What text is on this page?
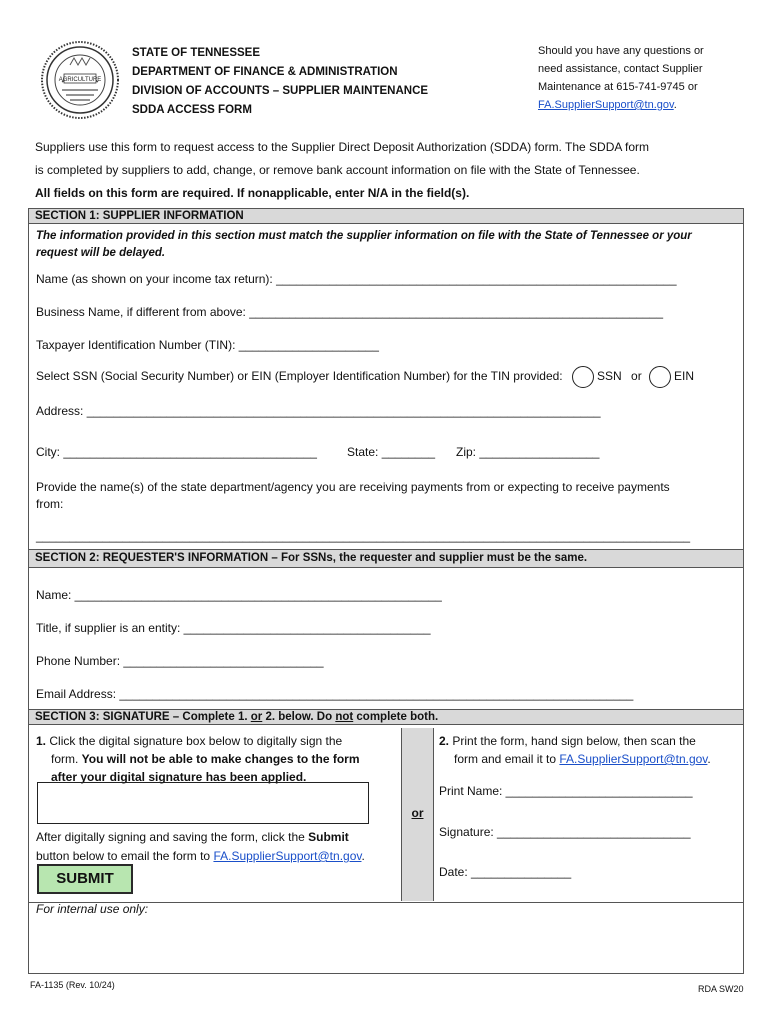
AGRICULTURE
STATE OF TENNESSEE
DEPARTMENT OF FINANCE & ADMINISTRATION
DIVISION OF ACCOUNTS – SUPPLIER MAINTENANCE
SDDA ACCESS FORM
Should you have any questions or
need assistance, contact Supplier
Maintenance at 615-741-9745 or
FA.SupplierSupport@tn.gov.
Suppliers use this form to request access to the Supplier Direct Deposit Authorization (SDDA) form. The SDDA form
is completed by suppliers to add, change, or remove bank account information on file with the State of Tennessee.
All fields on this form are required. If nonapplicable, enter N/A in the field(s).
SECTION 1: SUPPLIER INFORMATION
The information provided in this section must match the supplier information on file with the State of Tennessee or your
request will be delayed.
Name (as shown on your income tax return): ____________________________________________________________
Business Name, if different from above: ______________________________________________________________
Taxpayer Identification Number (TIN): _____________________
Select SSN (Social Security Number) or EIN (Employer Identification Number) for the TIN provided:	SSN or	EIN
Address: _____________________________________________________________________________
City: ______________________________________	State: ________ Zip: __________________
Provide the name(s) of the state department/agency you are receiving payments from or expecting to receive payments
from:
__________________________________________________________________________________________________
SECTION 2: REQUESTER'S INFORMATION – For SSNs, the requester and supplier must be the same.
Name: _______________________________________________________
Title, if supplier is an entity: _____________________________________
Phone Number: ______________________________
Email Address: _____________________________________________________________________________
SECTION 3: SIGNATURE – Complete 1. or 2. below. Do not complete both.
1. Click the digital signature box below to digitally sign the
form. You will not be able to make changes to the form
after your digital signature has been applied.
After digitally signing and saving the form, click the Submit
button below to email the form to FA.SupplierSupport@tn.gov.
SUBMIT
or
2. Print the form, hand sign below, then scan the
form and email it to FA.SupplierSupport@tn.gov.
Print Name: ____________________________
Signature: _____________________________
Date: _______________
For internal use only:
FA-1135 (Rev. 10/24)	RDA SW20
